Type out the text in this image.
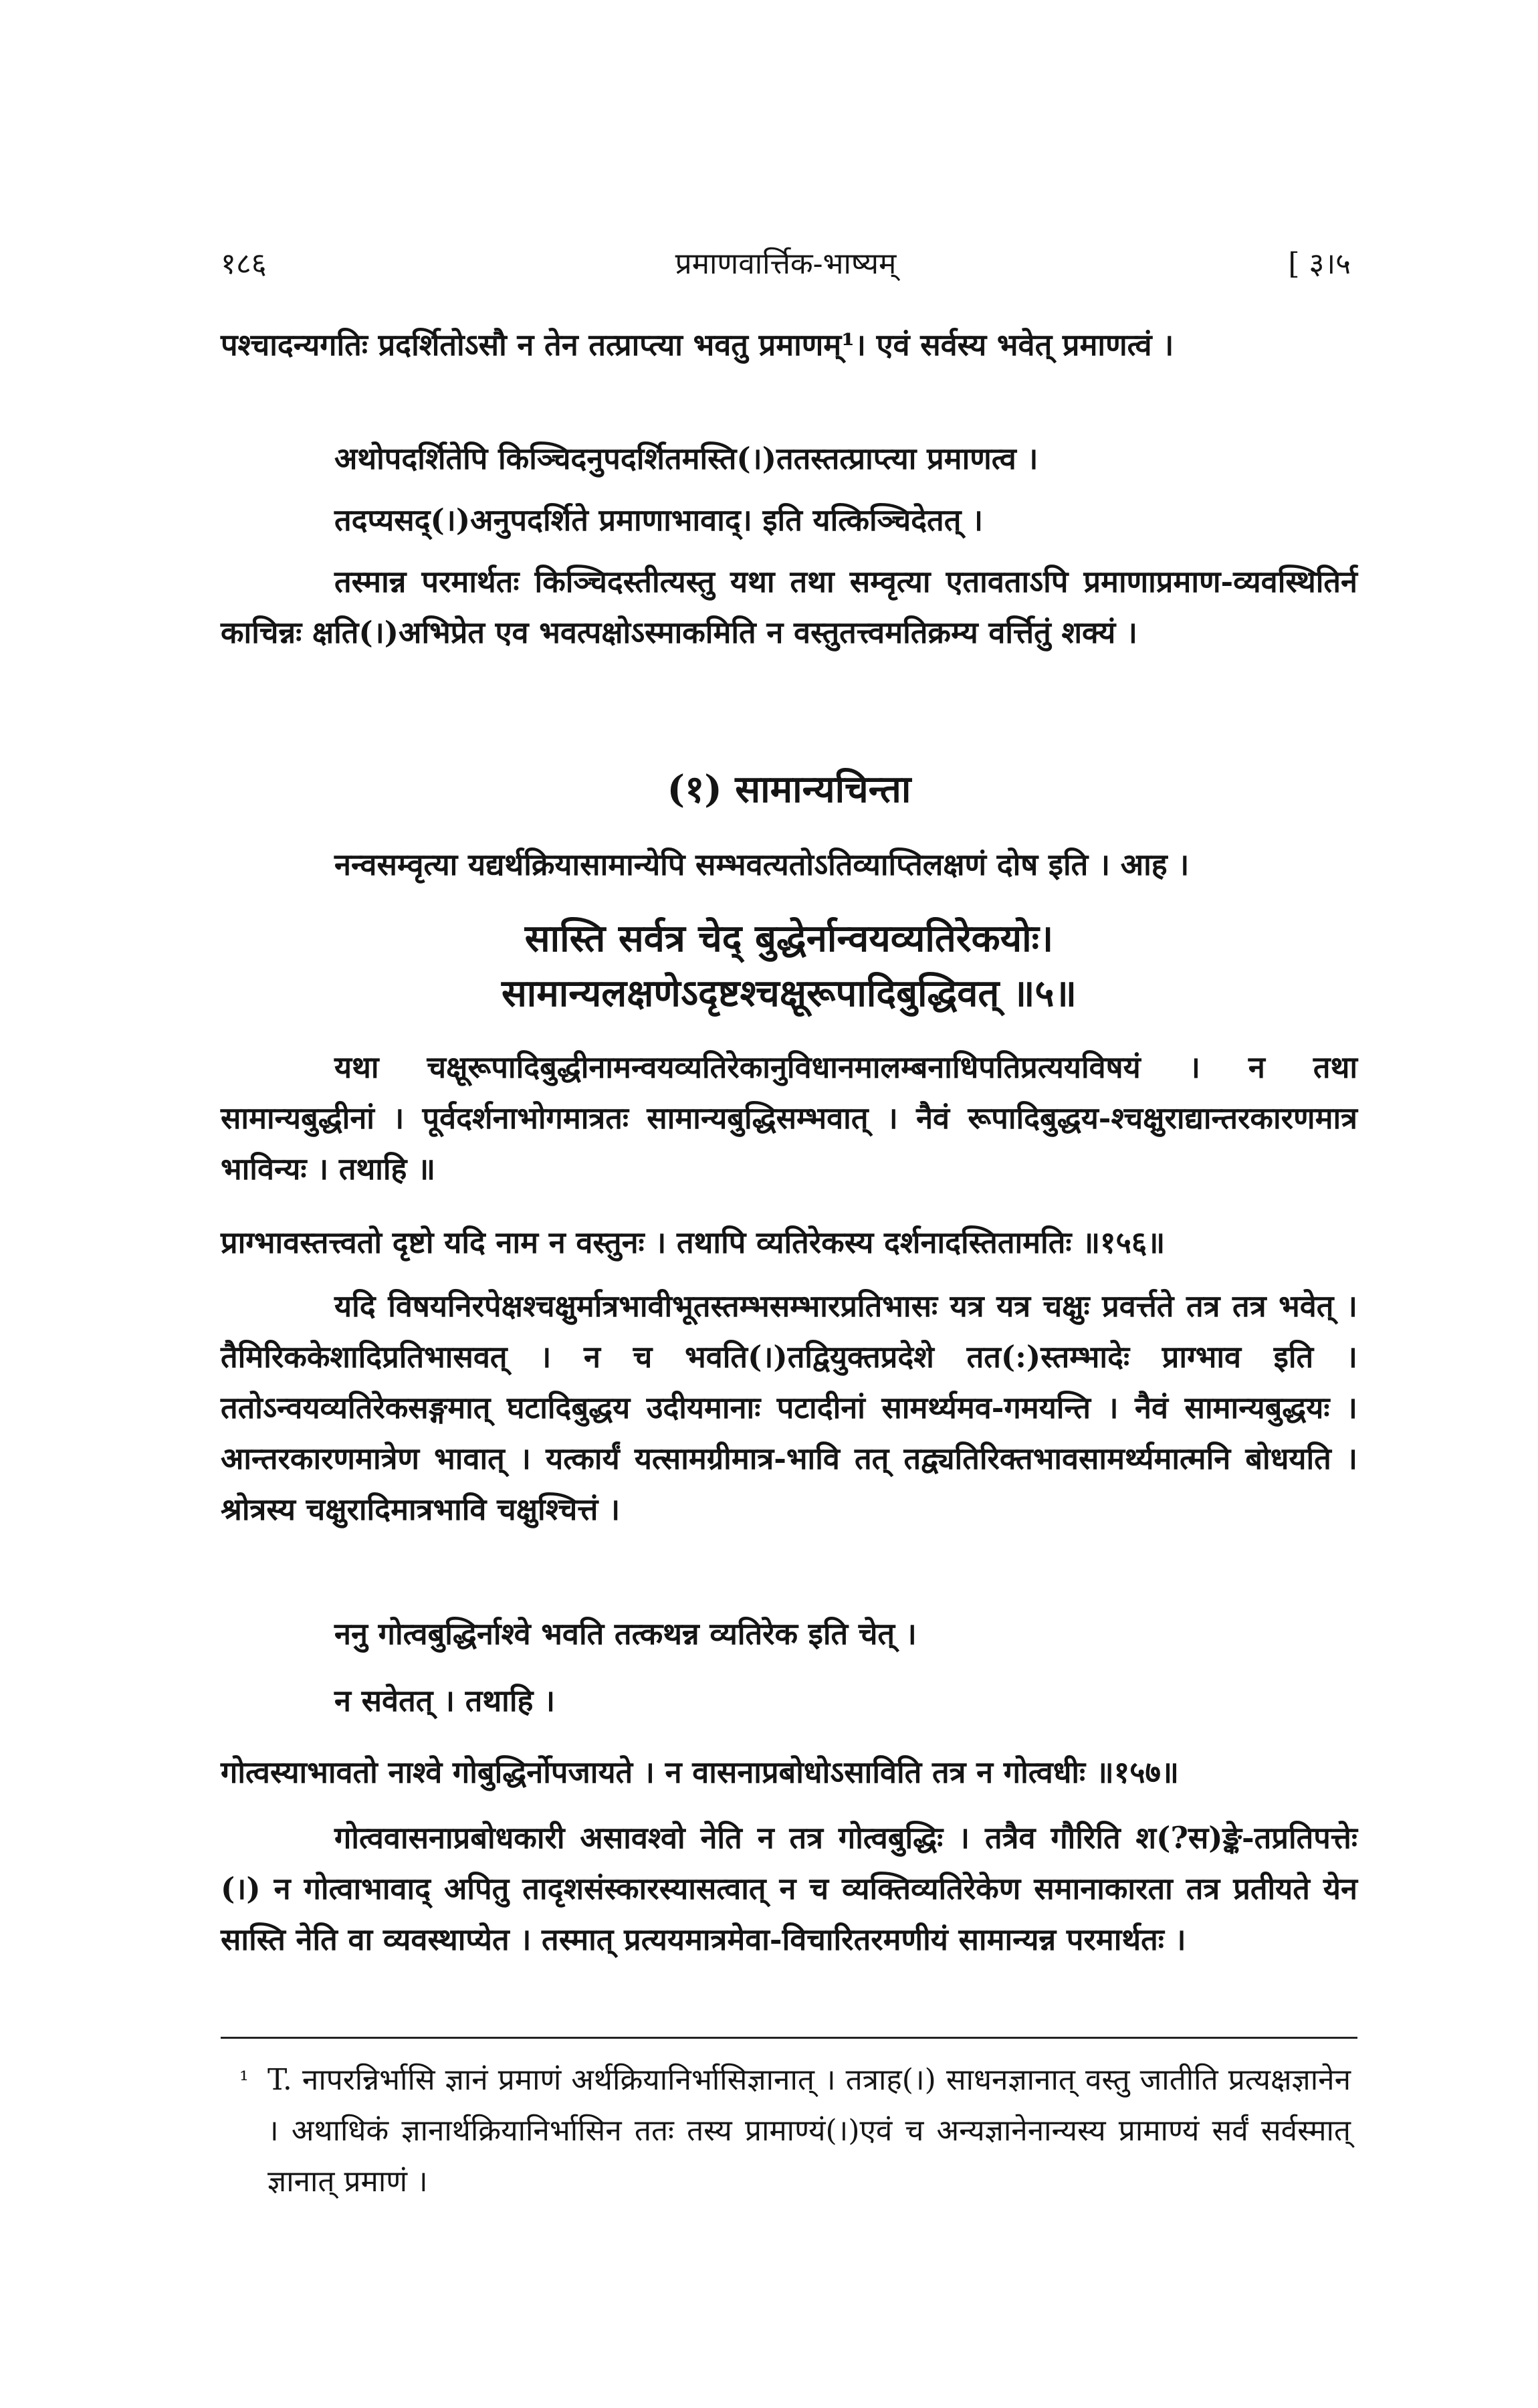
१८६	प्रमाणवार्त्तिक-भाष्यम्	[ ३।५

पश्चादन्यगतिः प्रदर्शितोऽसौ न तेन तत्प्राप्त्या भवतु प्रमाणम्¹। एवं सर्वस्य भवेत् प्रमाणत्वं ।

अथोपदर्शितेपि किञ्चिदनुपदर्शितमस्ति(।)ततस्तत्प्राप्त्या प्रमाणत्व ।

तदप्यसद्(।)अनुपदर्शिते प्रमाणाभावाद्। इति यत्किञ्चिदेतत् ।

तस्मान्न परमार्थतः किञ्चिदस्तीत्यस्तु यथा तथा सम्वृत्या एतावताऽपि प्रमाणाप्रमाण-व्यवस्थितिर्न काचिन्नः क्षति(।)अभिप्रेत एव भवत्पक्षोऽस्माकमिति न वस्तुतत्त्वमतिक्रम्य वर्त्तितुं शक्यं ।

(१) सामान्यचिन्ता

नन्वसम्वृत्या यद्यर्थक्रियासामान्येपि सम्भवत्यतोऽतिव्याप्तिलक्षणं दोष इति । आह ।

सास्ति सर्वत्र चेद् बुद्धेर्नान्वयव्यतिरेकयोः।
सामान्यलक्षणेऽदृष्टश्चक्षूरूपादिबुद्धिवत् ॥५॥

यथा चक्षूरूपादिबुद्धीनामन्वयव्यतिरेकानुविधानमालम्बनाधिपतिप्रत्ययविषयं । न तथा सामान्यबुद्धीनां । पूर्वदर्शनाभोगमात्रतः सामान्यबुद्धिसम्भवात् । नैवं रूपादिबुद्धय-श्चक्षुराद्यान्तरकारणमात्र भाविन्यः । तथाहि ॥

प्राग्भावस्तत्त्वतो दृष्टो यदि नाम न वस्तुनः । तथापि व्यतिरेकस्य दर्शनादस्तितामतिः ॥१५६॥

यदि विषयनिरपेक्षश्चक्षुर्मात्रभावीभूतस्तम्भसम्भारप्रतिभासः यत्र यत्र चक्षुः प्रवर्त्तते तत्र तत्र भवेत् । तैमिरिककेशादिप्रतिभासवत् । न च भवति(।)तद्वियुक्तप्रदेशे तत(:)स्तम्भादेः प्राग्भाव इति । ततोऽन्वयव्यतिरेकसङ्गमात् घटादिबुद्धय उदीयमानाः पटादीनां सामर्थ्यमव-गमयन्ति । नैवं सामान्यबुद्धयः । आन्तरकारणमात्रेण भावात् । यत्कार्यं यत्सामग्रीमात्र-भावि तत् तद्व्यतिरिक्तभावसामर्थ्यमात्मनि बोधयति । श्रोत्रस्य चक्षुरादिमात्रभावि चक्षुश्चित्तं ।

ननु गोत्वबुद्धिर्नाश्वे भवति तत्कथन्न व्यतिरेक इति चेत् ।

न सवेतत् । तथाहि ।

गोत्वस्याभावतो नाश्वे गोबुद्धिर्नोपजायते । न वासनाप्रबोधोऽसाविति तत्र न गोत्वधीः ॥१५७॥

गोत्ववासनाप्रबोधकारी असावश्वो नेति न तत्र गोत्वबुद्धिः । तत्रैव गौरिति श(?स)ङ्के-तप्रतिपत्तेः (।) न गोत्वाभावाद् अपितु तादृशसंस्कारस्यासत्वात् न च व्यक्तिव्यतिरेकेण समानाकारता तत्र प्रतीयते येन सास्ति नेति वा व्यवस्थाप्येत । तस्मात् प्रत्ययमात्रमेवा-विचारितरमणीयं सामान्यन्न परमार्थतः ।

¹ T. नापरन्निर्भासि ज्ञानं प्रमाणं अर्थक्रियानिर्भासिज्ञानात् । तत्राह(।) साधनज्ञानात् वस्तु जातीति प्रत्यक्षज्ञानेन । अथाधिकं ज्ञानार्थक्रियानिर्भासिन ततः तस्य प्रामाण्यं(।)एवं च अन्यज्ञानेनान्यस्य प्रामाण्यं सर्वं सर्वस्मात् ज्ञानात् प्रमाणं ।
